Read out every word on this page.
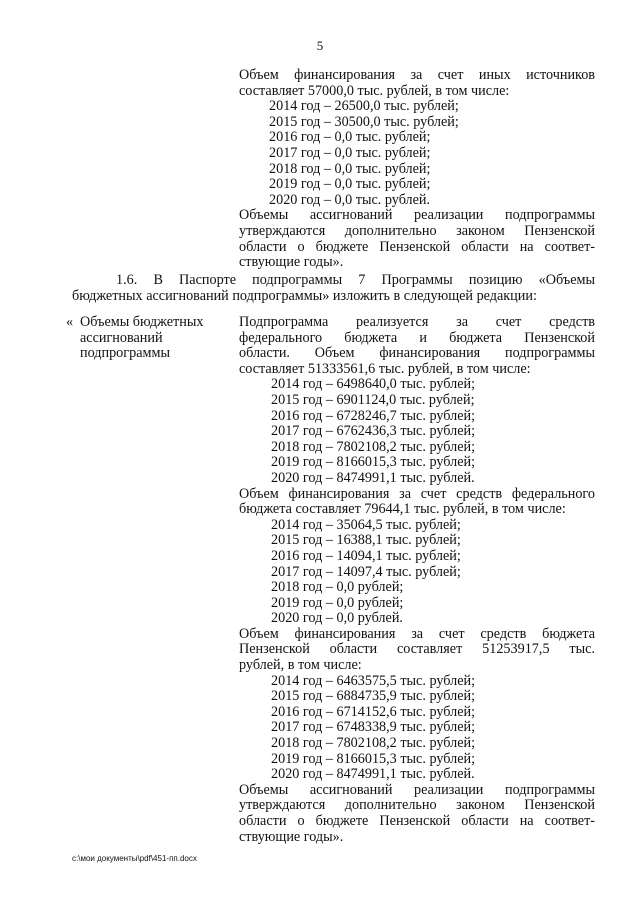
5
Объем финансирования за счет иных источников
составляет 57000,0 тыс. рублей, в том числе:
2014 год – 26500,0 тыс. рублей;
2015 год – 30500,0 тыс. рублей;
2016 год – 0,0 тыс. рублей;
2017 год – 0,0 тыс. рублей;
2018 год – 0,0 тыс. рублей;
2019 год – 0,0 тыс. рублей;
2020 год – 0,0 тыс. рублей.
Объемы ассигнований реализации подпрограммы
утверждаются дополнительно законом Пензенской
области о бюджете Пензенской области на соответ-
ствующие годы».
1.6. В Паспорте подпрограммы 7 Программы позицию «Объемы
бюджетных ассигнований подпрограммы» изложить в следующей редакции:
« Объемы бюджетных
ассигнований
подпрограммы
Подпрограмма реализуется за счет средств
федерального бюджета и бюджета Пензенской
области. Объем финансирования подпрограммы
составляет 51333561,6 тыс. рублей, в том числе:
2014 год – 6498640,0 тыс. рублей;
2015 год – 6901124,0 тыс. рублей;
2016 год – 6728246,7 тыс. рублей;
2017 год – 6762436,3 тыс. рублей;
2018 год – 7802108,2 тыс. рублей;
2019 год – 8166015,3 тыс. рублей;
2020 год – 8474991,1 тыс. рублей.
Объем финансирования за счет средств федерального
бюджета составляет 79644,1 тыс. рублей, в том числе:
2014 год – 35064,5 тыс. рублей;
2015 год – 16388,1 тыс. рублей;
2016 год – 14094,1 тыс. рублей;
2017 год – 14097,4 тыс. рублей;
2018 год – 0,0 рублей;
2019 год – 0,0 рублей;
2020 год – 0,0 рублей.
Объем финансирования за счет средств бюджета
Пензенской области составляет 51253917,5 тыс.
рублей, в том числе:
2014 год – 6463575,5 тыс. рублей;
2015 год – 6884735,9 тыс. рублей;
2016 год – 6714152,6 тыс. рублей;
2017 год – 6748338,9 тыс. рублей;
2018 год – 7802108,2 тыс. рублей;
2019 год – 8166015,3 тыс. рублей;
2020 год – 8474991,1 тыс. рублей.
Объемы ассигнований реализации подпрограммы
утверждаются дополнительно законом Пензенской
области о бюджете Пензенской области на соответ-
ствующие годы».
c:\мои документы\pdf\451-пп.docx
